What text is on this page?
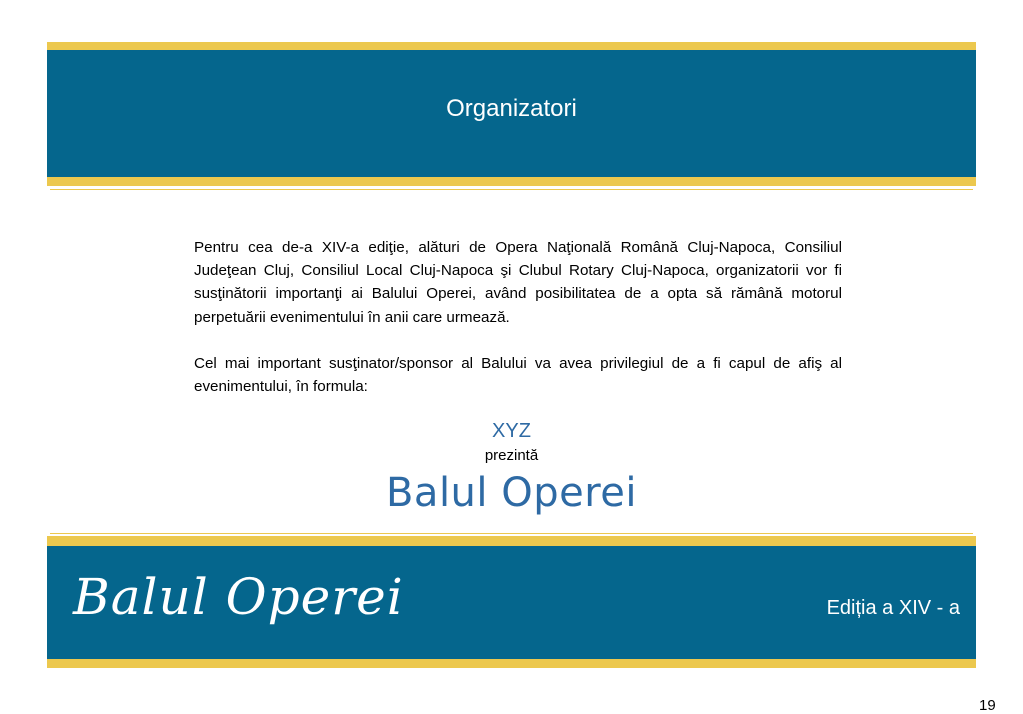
Organizatori

Pentru cea de-a XIV-a ediţie, alături de Opera Naţională Română Cluj-Napoca, Consiliul Judeţean Cluj, Consiliul Local Cluj-Napoca şi Clubul Rotary Cluj-Napoca, organizatorii vor fi susţinătorii importanţi ai Balului Operei, având posibilitatea de a opta să rămână motorul perpetuării evenimentului în anii care urmează.

Cel mai important susţinator/sponsor al Balului va avea privilegiul de a fi capul de afiş al evenimentului, în formula:

XYZ

prezintă

Balul Operei

Balul Operei	Ediția a XIV - a
19
